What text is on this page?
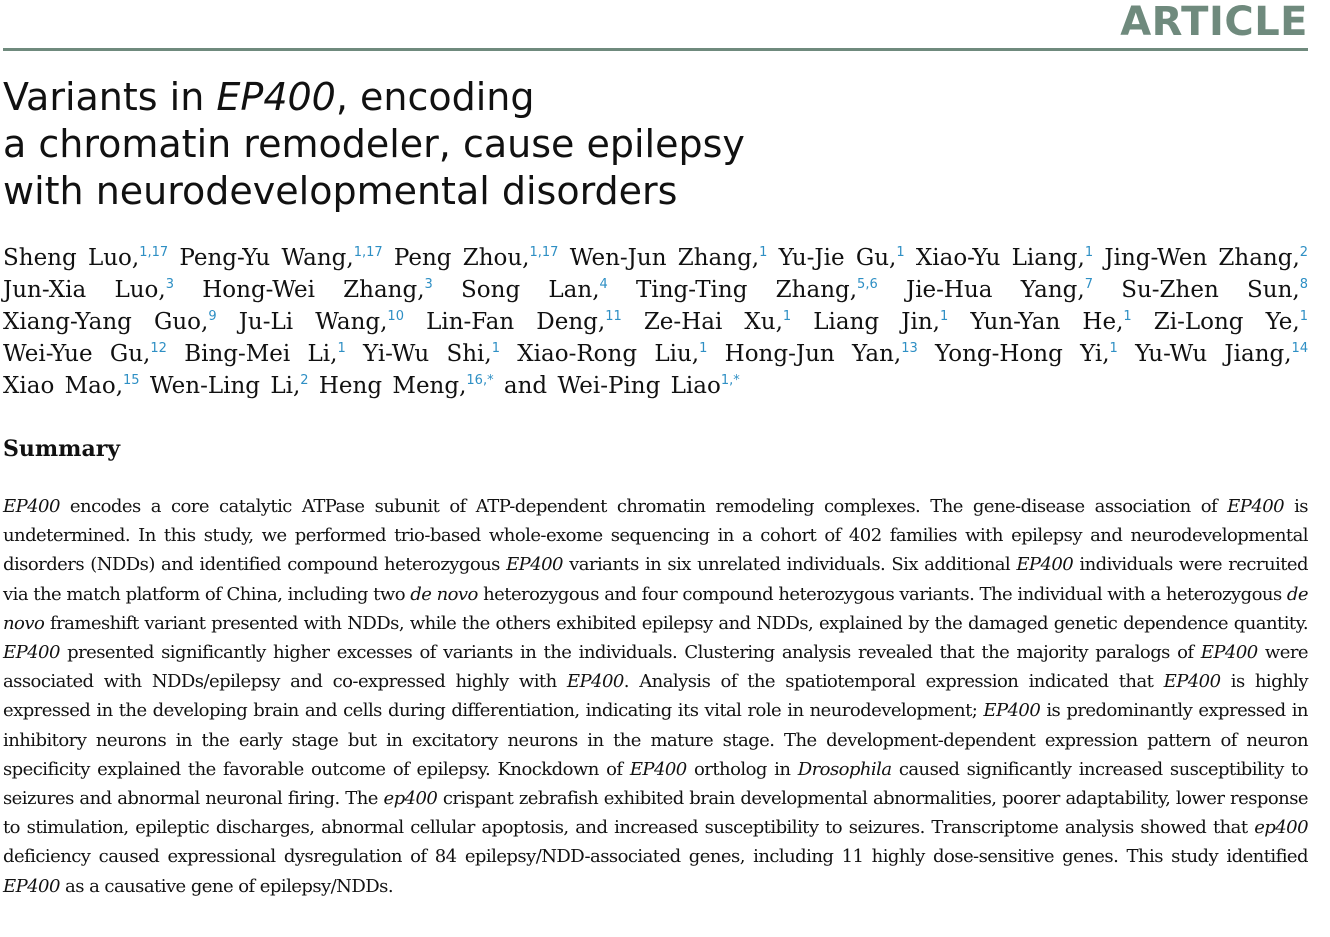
ARTICLE
Variants in EP400, encoding
a chromatin remodeler, cause epilepsy
with neurodevelopmental disorders
Sheng Luo,$^{1,17}$ Peng-Yu Wang,$^{1,17}$ Peng Zhou,$^{1,17}$ Wen-Jun Zhang,$^1$ Yu-Jie Gu,$^1$ Xiao-Yu Liang,$^1$ Jing-Wen Zhang,$^2$ Jun-Xia Luo,$^3$ Hong-Wei Zhang,$^3$ Song Lan,$^4$ Ting-Ting Zhang,$^{5,6}$ Jie-Hua Yang,$^7$ Su-Zhen Sun,$^8$ Xiang-Yang Guo,$^9$ Ju-Li Wang,$^{10}$ Lin-Fan Deng,$^{11}$ Ze-Hai Xu,$^1$ Liang Jin,$^1$ Yun-Yan He,$^1$ Zi-Long Ye,$^1$ Wei-Yue Gu,$^{12}$ Bing-Mei Li,$^1$ Yi-Wu Shi,$^1$ Xiao-Rong Liu,$^1$ Hong-Jun Yan,$^{13}$ Yong-Hong Yi,$^1$ Yu-Wu Jiang,$^{14}$ Xiao Mao,$^{15}$ Wen-Ling Li,$^2$ Heng Meng,$^{16,*}$ and Wei-Ping Liao$^{1,*}$
Summary

EP400 encodes a core catalytic ATPase subunit of ATP-dependent chromatin remodeling complexes. The gene-disease association of EP400 is undetermined. In this study, we performed trio-based whole-exome sequencing in a cohort of 402 families with epilepsy and neurodevelopmental disorders (NDDs) and identified compound heterozygous EP400 variants in six unrelated individuals. Six additional EP400 individuals were recruited via the match platform of China, including two de novo heterozygous and four compound heterozygous variants. The individual with a heterozygous de novo frameshift variant presented with NDDs, while the others exhibited epilepsy and NDDs, explained by the damaged genetic dependence quantity. EP400 presented significantly higher excesses of variants in the individuals. Clustering analysis revealed that the majority paralogs of EP400 were associated with NDDs/epilepsy and co-expressed highly with EP400. Analysis of the spatiotemporal expression indicated that EP400 is highly expressed in the developing brain and cells during differentiation, indicating its vital role in neurodevelopment; EP400 is predominantly expressed in inhibitory neurons in the early stage but in excitatory neurons in the mature stage. The development-dependent expression pattern of neuron specificity explained the favorable outcome of epilepsy. Knockdown of EP400 ortholog in Drosophila caused significantly increased susceptibility to seizures and abnormal neuronal firing. The ep400 crispant zebrafish exhibited brain developmental abnormalities, poorer adaptability, lower response to stimulation, epileptic discharges, abnormal cellular apoptosis, and increased susceptibility to seizures. Transcriptome analysis showed that ep400 deficiency caused expressional dysregulation of 84 epilepsy/NDD-associated genes, including 11 highly dose-sensitive genes. This study identified EP400 as a causative gene of epilepsy/NDDs.
